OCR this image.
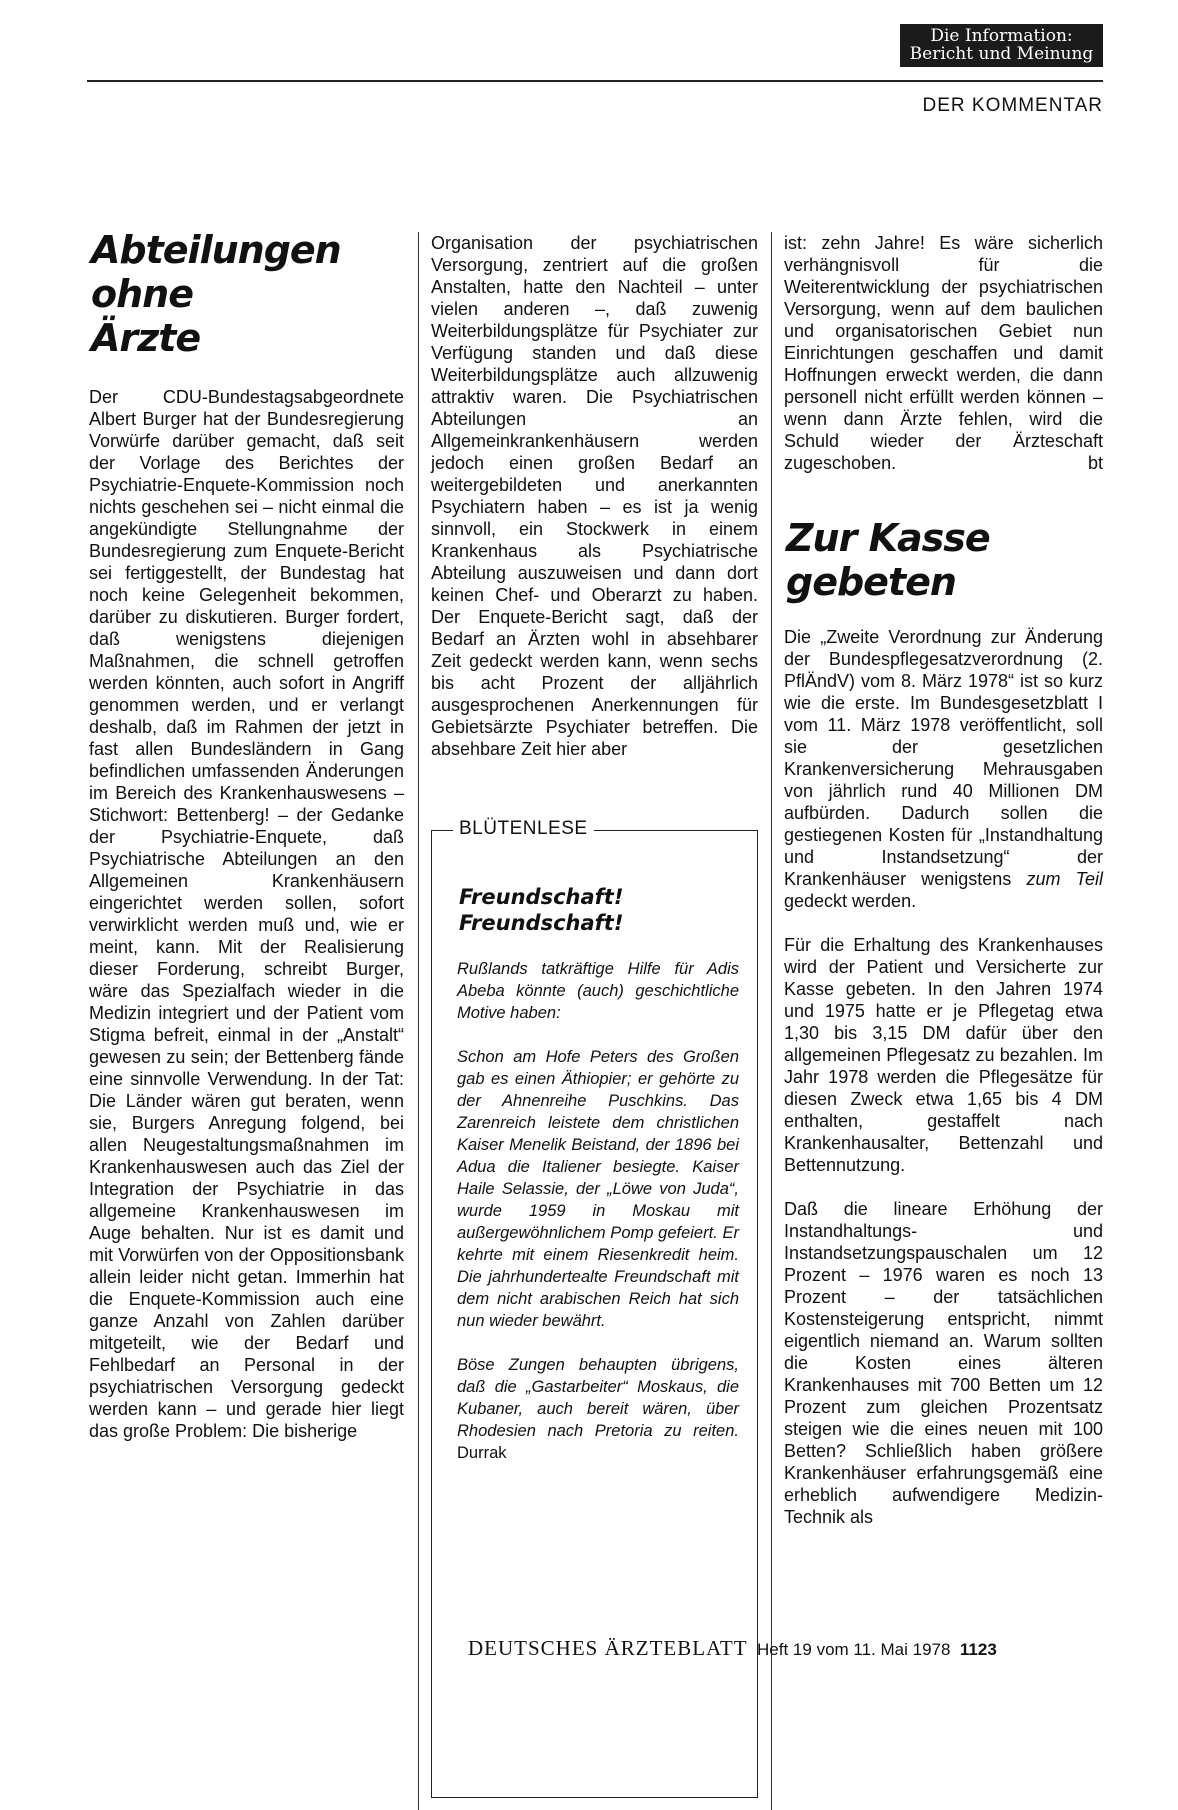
Die Information:
Bericht und Meinung
DER KOMMENTAR
Abteilungen
ohne
Ärzte

Der CDU-Bundestagsabgeordnete Albert Burger hat der Bundesregierung Vorwürfe darüber gemacht, daß seit der Vorlage des Berichtes der Psychiatrie-Enquete-Kommission noch nichts geschehen sei – nicht einmal die angekündigte Stellungnahme der Bundesregierung zum Enquete-Bericht sei fertiggestellt, der Bundestag hat noch keine Gelegenheit bekommen, darüber zu diskutieren. Burger fordert, daß wenigstens diejenigen Maßnahmen, die schnell getroffen werden könnten, auch sofort in Angriff genommen werden, und er verlangt deshalb, daß im Rahmen der jetzt in fast allen Bundesländern in Gang befindlichen umfassenden Änderungen im Bereich des Krankenhauswesens – Stichwort: Bettenberg! – der Gedanke der Psychiatrie-Enquete, daß Psychiatrische Abteilungen an den Allgemeinen Krankenhäusern eingerichtet werden sollen, sofort verwirklicht werden muß und, wie er meint, kann. Mit der Realisierung dieser Forderung, schreibt Burger, wäre das Spezialfach wieder in die Medizin integriert und der Patient vom Stigma befreit, einmal in der „Anstalt“ gewesen zu sein; der Bettenberg fände eine sinnvolle Verwendung. In der Tat: Die Länder wären gut beraten, wenn sie, Burgers Anregung folgend, bei allen Neugestaltungsmaßnahmen im Krankenhauswesen auch das Ziel der Integration der Psychiatrie in das allgemeine Krankenhauswesen im Auge behalten. Nur ist es damit und mit Vorwürfen von der Oppositionsbank allein leider nicht getan. Immerhin hat die Enquete-Kommission auch eine ganze Anzahl von Zahlen darüber mitgeteilt, wie der Bedarf und Fehlbedarf an Personal in der psychiatrischen Versorgung gedeckt werden kann – und gerade hier liegt das große Problem: Die bisherige

Organisation der psychiatrischen Versorgung, zentriert auf die großen Anstalten, hatte den Nachteil – unter vielen anderen –, daß zuwenig Weiterbildungsplätze für Psychiater zur Verfügung standen und daß diese Weiterbildungsplätze auch allzuwenig attraktiv waren. Die Psychiatrischen Abteilungen an Allgemeinkrankenhäusern werden jedoch einen großen Bedarf an weitergebildeten und anerkannten Psychiatern haben – es ist ja wenig sinnvoll, ein Stockwerk in einem Krankenhaus als Psychiatrische Abteilung auszuweisen und dann dort keinen Chef- und Oberarzt zu haben. Der Enquete-Bericht sagt, daß der Bedarf an Ärzten wohl in absehbarer Zeit gedeckt werden kann, wenn sechs bis acht Prozent der alljährlich ausgesprochenen Anerkennungen für Gebietsärzte Psychiater betreffen. Die absehbare Zeit hier aber

ist: zehn Jahre! Es wäre sicherlich verhängnisvoll für die Weiterentwicklung der psychiatrischen Versorgung, wenn auf dem baulichen und organisatorischen Gebiet nun Einrichtungen geschaffen und damit Hoffnungen erweckt werden, die dann personell nicht erfüllt werden können – wenn dann Ärzte fehlen, wird die Schuld wieder der Ärzteschaft zugeschoben.	bt

Zur Kasse
gebeten

Die „Zweite Verordnung zur Änderung der Bundespflegesatzverordnung (2. PflÄndV) vom 8. März 1978“ ist so kurz wie die erste. Im Bundesgesetzblatt I vom 11. März 1978 veröffentlicht, soll sie der gesetzlichen Krankenversicherung Mehrausgaben von jährlich rund 40 Millionen DM aufbürden. Dadurch sollen die gestiegenen Kosten für „Instandhaltung und Instandsetzung“ der Krankenhäuser wenigstens zum Teil gedeckt werden.

Für die Erhaltung des Krankenhauses wird der Patient und Versicherte zur Kasse gebeten. In den Jahren 1974 und 1975 hatte er je Pflegetag etwa 1,30 bis 3,15 DM dafür über den allgemeinen Pflegesatz zu bezahlen. Im Jahr 1978 werden die Pflegesätze für diesen Zweck etwa 1,65 bis 4 DM enthalten, gestaffelt nach Krankenhausalter, Bettenzahl und Bettennutzung.

Daß die lineare Erhöhung der Instandhaltungs- und Instandsetzungspauschalen um 12 Prozent – 1976 waren es noch 13 Prozent – der tatsächlichen Kostensteigerung entspricht, nimmt eigentlich niemand an. Warum sollten die Kosten eines älteren Krankenhauses mit 700 Betten um 12 Prozent zum gleichen Prozentsatz steigen wie die eines neuen mit 100 Betten? Schließlich haben größere Krankenhäuser erfahrungsgemäß eine erheblich aufwendigere Medizin-Technik als

BLÜTENLESE
Freundschaft!
Freundschaft!

Rußlands tatkräftige Hilfe für Adis Abeba könnte (auch) geschichtliche Motive haben:

Schon am Hofe Peters des Großen gab es einen Äthiopier; er gehörte zu der Ahnenreihe Puschkins. Das Zarenreich leistete dem christlichen Kaiser Menelik Beistand, der 1896 bei Adua die Italiener besiegte. Kaiser Haile Selassie, der „Löwe von Juda“, wurde 1959 in Moskau mit außergewöhnlichem Pomp gefeiert. Er kehrte mit einem Riesenkredit heim. Die jahrhundertealte Freundschaft mit dem nicht arabischen Reich hat sich nun wieder bewährt.

Böse Zungen behaupten übrigens, daß die „Gastarbeiter“ Moskaus, die Kubaner, auch bereit wären, über Rhodesien nach Pretoria zu reiten. Durrak

DEUTSCHES ÄRZTEBLATT Heft 19 vom 11. Mai 1978 1123
